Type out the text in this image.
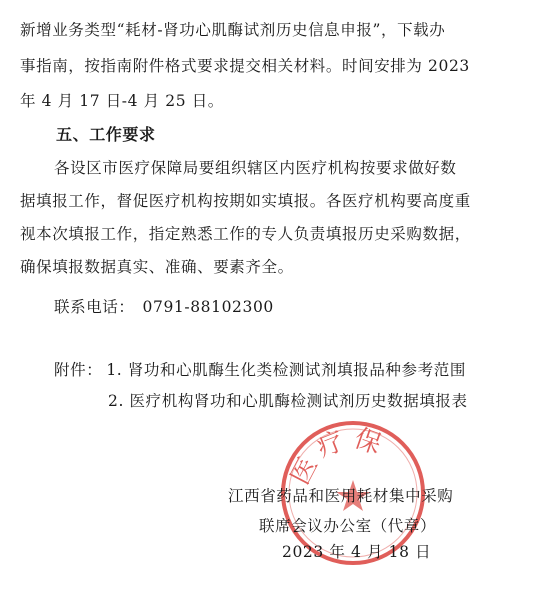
新增业务类型“耗材-肾功心肌酶试剂历史信息申报”，下载办
事指南，按指南附件格式要求提交相关材料。时间安排为 2023
年 4 月 17 日-4 月 25 日。
五、工作要求
各设区市医疗保障局要组织辖区内医疗机构按要求做好数
据填报工作，督促医疗机构按期如实填报。各医疗机构要高度重
视本次填报工作，指定熟悉工作的专人负责填报历史采购数据，
确保填报数据真实、准确、要素齐全。
联系电话： 0791-88102300
附件： 1. 肾功和心肌酶生化类检测试剂填报品种参考范围
2. 医疗机构肾功和心肌酶检测试剂历史数据填报表
医疗保
江西省药品和医用耗材集中采购
联席会议办公室（代章）
2023 年 4 月 18 日
